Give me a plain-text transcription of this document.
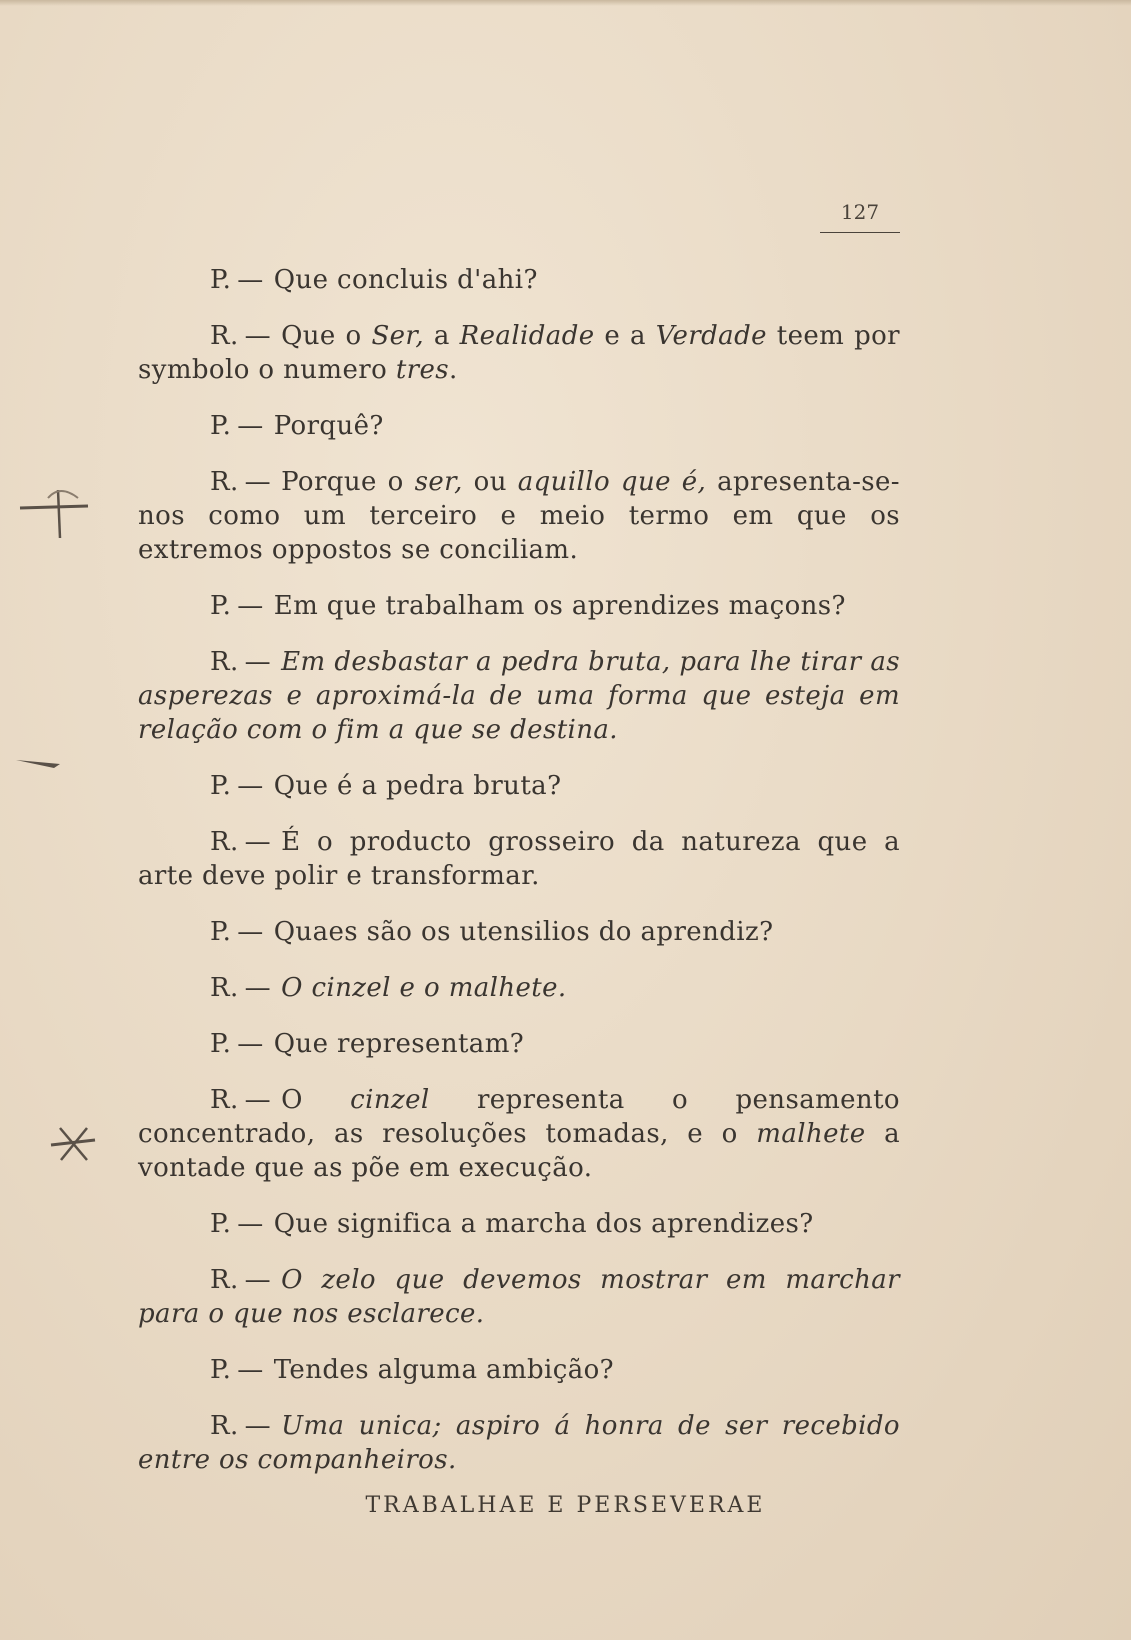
127

P. — Que concluis d'ahi?

R. — Que o Ser, a Realidade e a Verdade teem por symbolo o numero tres.

P. — Porquê?

R. — Porque o ser, ou aquillo que é, apresenta-se-nos como um terceiro e meio termo em que os extremos oppostos se conciliam.

P. — Em que trabalham os aprendizes maçons?

R. — Em desbastar a pedra bruta, para lhe tirar as asperezas e aproximá-la de uma forma que esteja em relação com o fim a que se destina.

P. — Que é a pedra bruta?

R. — É o producto grosseiro da natureza que a arte deve polir e transformar.

P. — Quaes são os utensilios do aprendiz?

R. — O cinzel e o malhete.

P. — Que representam?

R. — O cinzel representa o pensamento concentrado, as resoluções tomadas, e o malhete a vontade que as põe em execução.

P. — Que significa a marcha dos aprendizes?

R. — O zelo que devemos mostrar em marchar para o que nos esclarece.

P. — Tendes alguma ambição?

R. — Uma unica; aspiro á honra de ser recebido entre os companheiros.

TRABALHAE E PERSEVERAE
